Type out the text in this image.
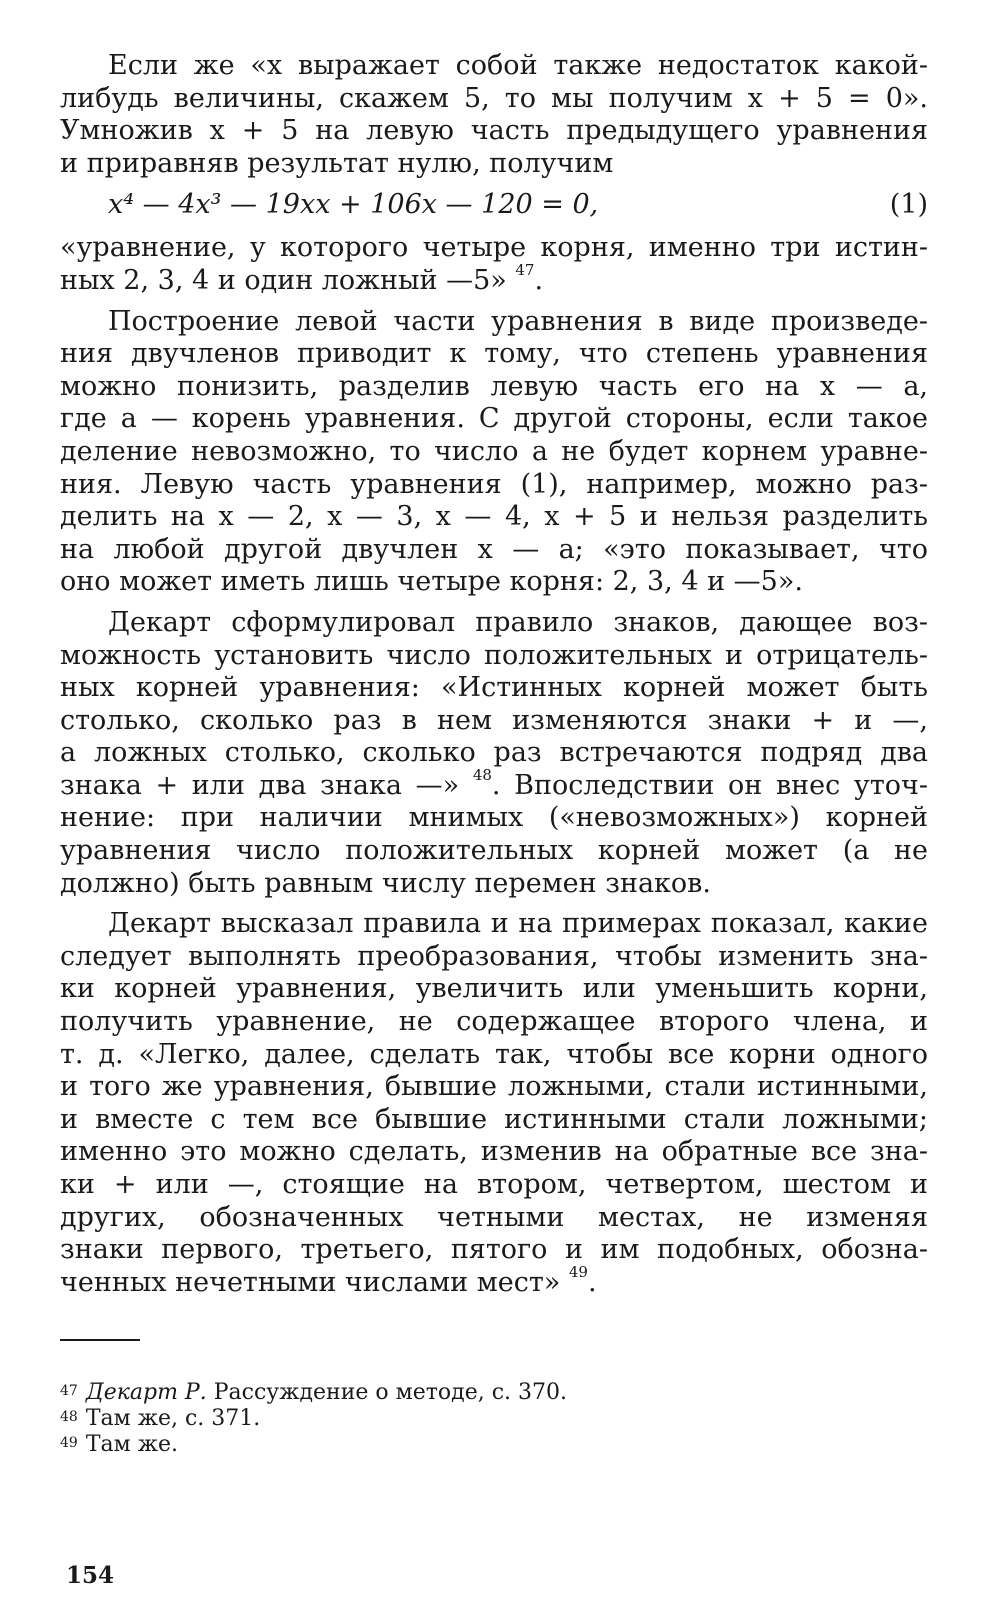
Если же «x выражает собой также недостаток какой-
либудь величины, скажем 5, то мы получим x + 5 = 0».
Умножив x + 5 на левую часть предыдущего уравнения
и приравняв результат нулю, получим
x⁴ — 4x³ — 19xx + 106x — 120 = 0,	(1)
«уравнение, у которого четыре корня, именно три истин-
ных 2, 3, 4 и один ложный —5» $^{47}$.
Построение левой части уравнения в виде произведе-
ния двучленов приводит к тому, что степень уравнения
можно понизить, разделив левую часть его на x — a,
где a — корень уравнения. С другой стороны, если такое
деление невозможно, то число a не будет корнем уравне-
ния. Левую часть уравнения (1), например, можно раз-
делить на x — 2, x — 3, x — 4, x + 5 и нельзя разделить
на любой другой двучлен x — a; «это показывает, что
оно может иметь лишь четыре корня: 2, 3, 4 и —5».
Декарт сформулировал правило знаков, дающее воз-
можность установить число положительных и отрицатель-
ных корней уравнения: «Истинных корней может быть
столько, сколько раз в нем изменяются знаки + и —,
а ложных столько, сколько раз встречаются подряд два
знака + или два знака —» $^{48}$. Впоследствии он внес уточ-
нение: при наличии мнимых («невозможных») корней
уравнения число положительных корней может (а не
должно) быть равным числу перемен знаков.
Декарт высказал правила и на примерах показал, какие
следует выполнять преобразования, чтобы изменить зна-
ки корней уравнения, увеличить или уменьшить корни,
получить уравнение, не содержащее второго члена, и
т. д. «Легко, далее, сделать так, чтобы все корни одного
и того же уравнения, бывшие ложными, стали истинными,
и вместе с тем все бывшие истинными стали ложными;
именно это можно сделать, изменив на обратные все зна-
ки + или —, стоящие на втором, четвертом, шестом и
других, обозначенных четными местах, не изменяя
знаки первого, третьего, пятого и им подобных, обозна-
ченных нечетными числами мест» $^{49}$.
$^{47}$ Декарт Р. Рассуждение о методе, с. 370.
$^{48}$ Там же, с. 371.
$^{49}$ Там же.
154
